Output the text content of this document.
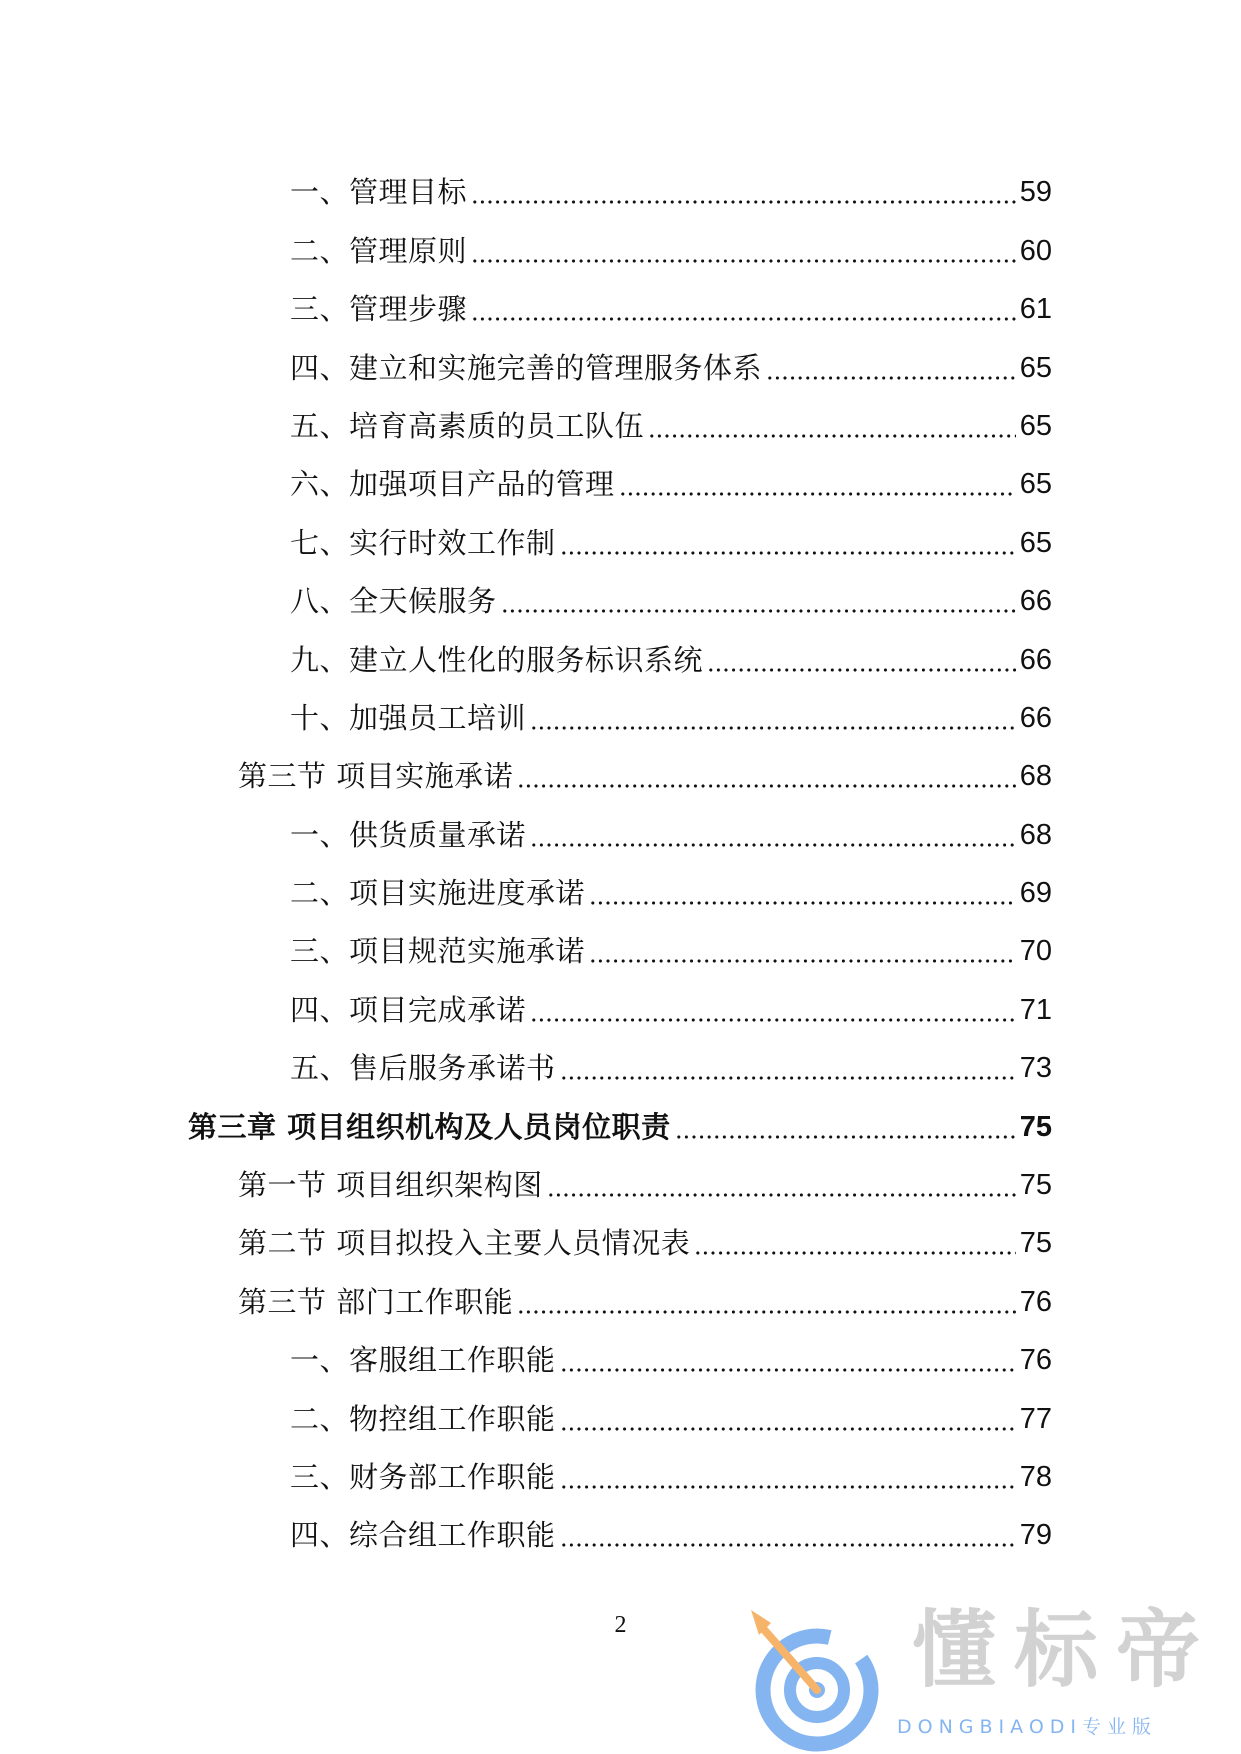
一、管理目标	59
二、管理原则	60
三、管理步骤	61
四、建立和实施完善的管理服务体系	65
五、培育高素质的员工队伍	65
六、加强项目产品的管理	65
七、实行时效工作制	65
八、全天候服务	66
九、建立人性化的服务标识系统	66
十、加强员工培训	66
第三节 项目实施承诺	68
一、供货质量承诺	68
二、项目实施进度承诺	69
三、项目规范实施承诺	70
四、项目完成承诺	71
五、售后服务承诺书	73
第三章 项目组织机构及人员岗位职责	75
第一节 项目组织架构图	75
第二节 项目拟投入主要人员情况表	75
第三节 部门工作职能	76
一、客服组工作职能	76
二、物控组工作职能	77
三、财务部工作职能	78
四、综合组工作职能	79
2	懂标帝
DONGBIAODI专业版
